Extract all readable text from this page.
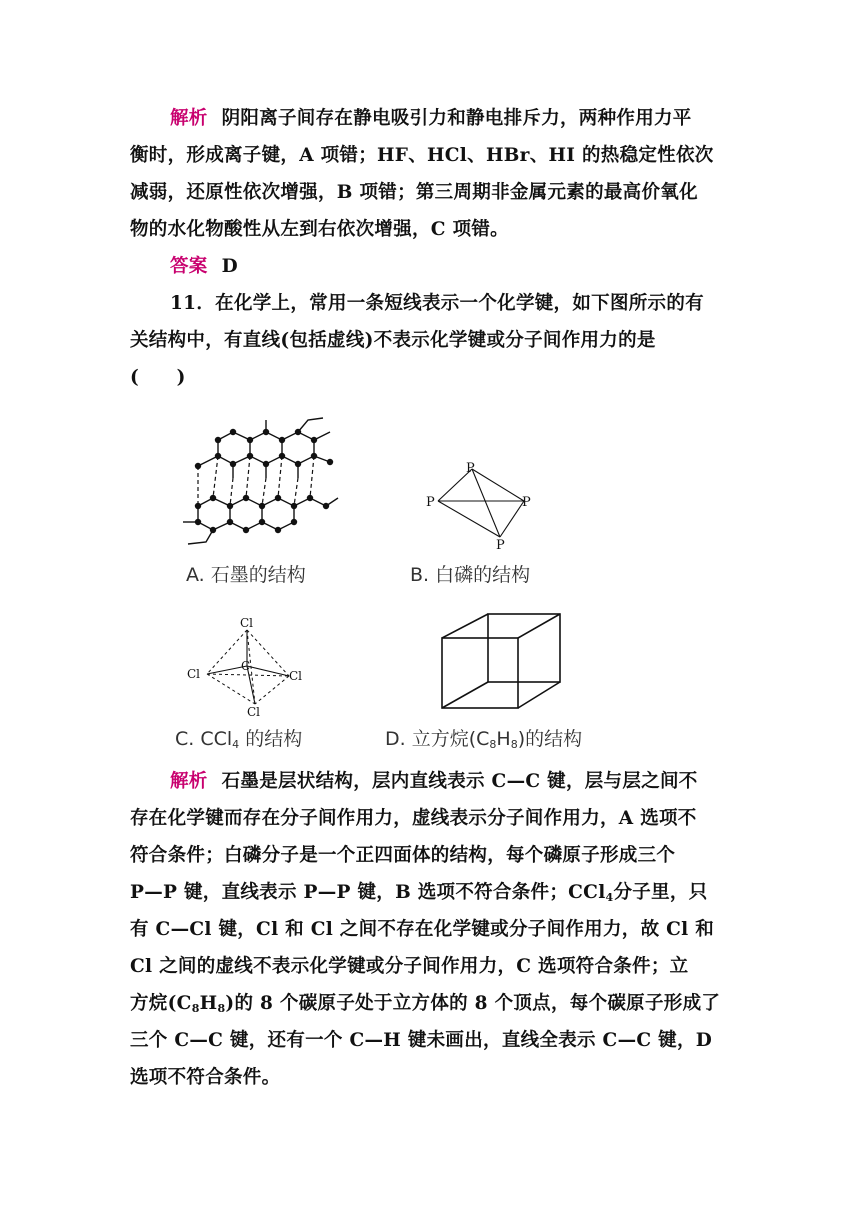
解析 阴阳离子间存在静电吸引力和静电排斥力，两种作用力平

衡时，形成离子键，A 项错；HF、HCl、HBr、HI 的热稳定性依次

减弱，还原性依次增强，B 项错；第三周期非金属元素的最高价氧化

物的水化物酸性从左到右依次增强，C 项错。

答案 D

11．在化学上，常用一条短线表示一个化学键，如下图所示的有

关结构中，有直线(包括虚线)不表示化学键或分子间作用力的是

(　　)

A. 石墨的结构
P
P	P
P
B. 白磷的结构
Cl
C
Cl	Cl
Cl
C. CCl$_4$ 的结构	D. 立方烷$(C_8H_8)$的结构

解析 石墨是层状结构，层内直线表示 C—C 键，层与层之间不

存在化学键而存在分子间作用力，虚线表示分子间作用力，A 选项不

符合条件；白磷分子是一个正四面体的结构，每个磷原子形成三个

P—P 键，直线表示 P—P 键，B 选项不符合条件；CCl$_4$分子里，只

有 C—Cl 键，Cl 和 Cl 之间不存在化学键或分子间作用力，故 Cl 和

Cl 之间的虚线不表示化学键或分子间作用力，C 选项符合条件；立

方烷$(C_8H_8)$的 8 个碳原子处于立方体的 8 个顶点，每个碳原子形成了

三个 C—C 键，还有一个 C—H 键未画出，直线全表示 C—C 键，D

选项不符合条件。
